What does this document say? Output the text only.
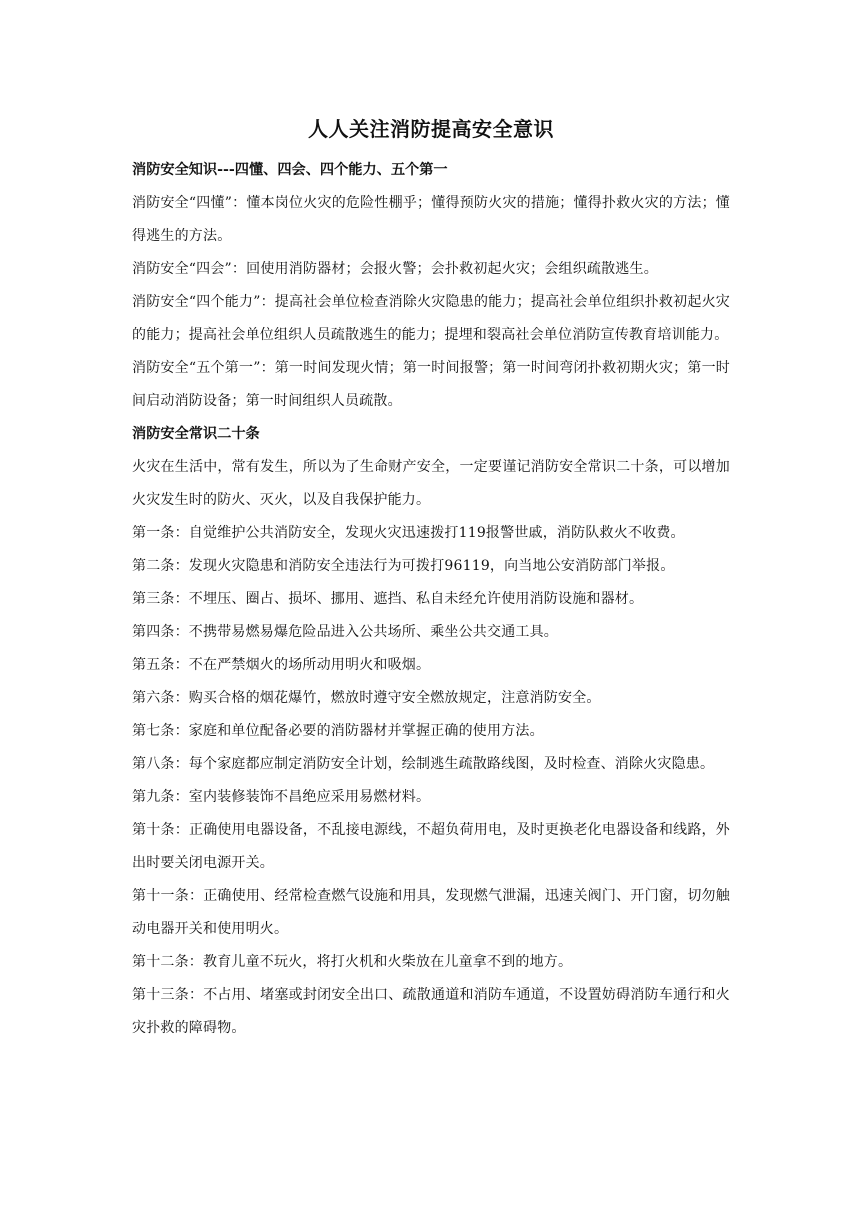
人人关注消防提高安全意识

消防安全知识---四懂、四会、四个能力、五个第一

消防安全“四懂”：懂本岗位火灾的危险性棚乎；懂得预防火灾的措施；懂得扑救火灾的方法；懂得逃生的方法。

消防安全“四会”：回使用消防器材；会报火警；会扑救初起火灾；会组织疏散逃生。

消防安全“四个能力”：提高社会单位检查消除火灾隐患的能力；提高社会单位组织扑救初起火灾的能力；提高社会单位组织人员疏散逃生的能力；提埋和裂高社会单位消防宣传教育培训能力。

消防安全“五个第一”：第一时间发现火情；第一时间报警；第一时间弯闭扑救初期火灾；第一时间启动消防设备；第一时间组织人员疏散。

消防安全常识二十条

火灾在生活中，常有发生，所以为了生命财产安全，一定要谨记消防安全常识二十条，可以增加火灾发生时的防火、灭火，以及自我保护能力。

第一条：自觉维护公共消防安全，发现火灾迅速拨打119报警世戚，消防队救火不收费。

第二条：发现火灾隐患和消防安全违法行为可拨打96119，向当地公安消防部门举报。

第三条：不埋压、圈占、损坏、挪用、遮挡、私自未经允许使用消防设施和器材。

第四条：不携带易燃易爆危险品进入公共场所、乘坐公共交通工具。

第五条：不在严禁烟火的场所动用明火和吸烟。

第六条：购买合格的烟花爆竹，燃放时遵守安全燃放规定，注意消防安全。

第七条：家庭和单位配备必要的消防器材并掌握正确的使用方法。

第八条：每个家庭都应制定消防安全计划，绘制逃生疏散路线图，及时检查、消除火灾隐患。

第九条：室内装修装饰不昌绝应采用易燃材料。

第十条：正确使用电器设备，不乱接电源线，不超负荷用电，及时更换老化电器设备和线路，外出时要关闭电源开关。

第十一条：正确使用、经常检查燃气设施和用具，发现燃气泄漏，迅速关阀门、开门窗，切勿触动电器开关和使用明火。

第十二条：教育儿童不玩火，将打火机和火柴放在儿童拿不到的地方。

第十三条：不占用、堵塞或封闭安全出口、疏散通道和消防车通道，不设置妨碍消防车通行和火灾扑救的障碍物。
